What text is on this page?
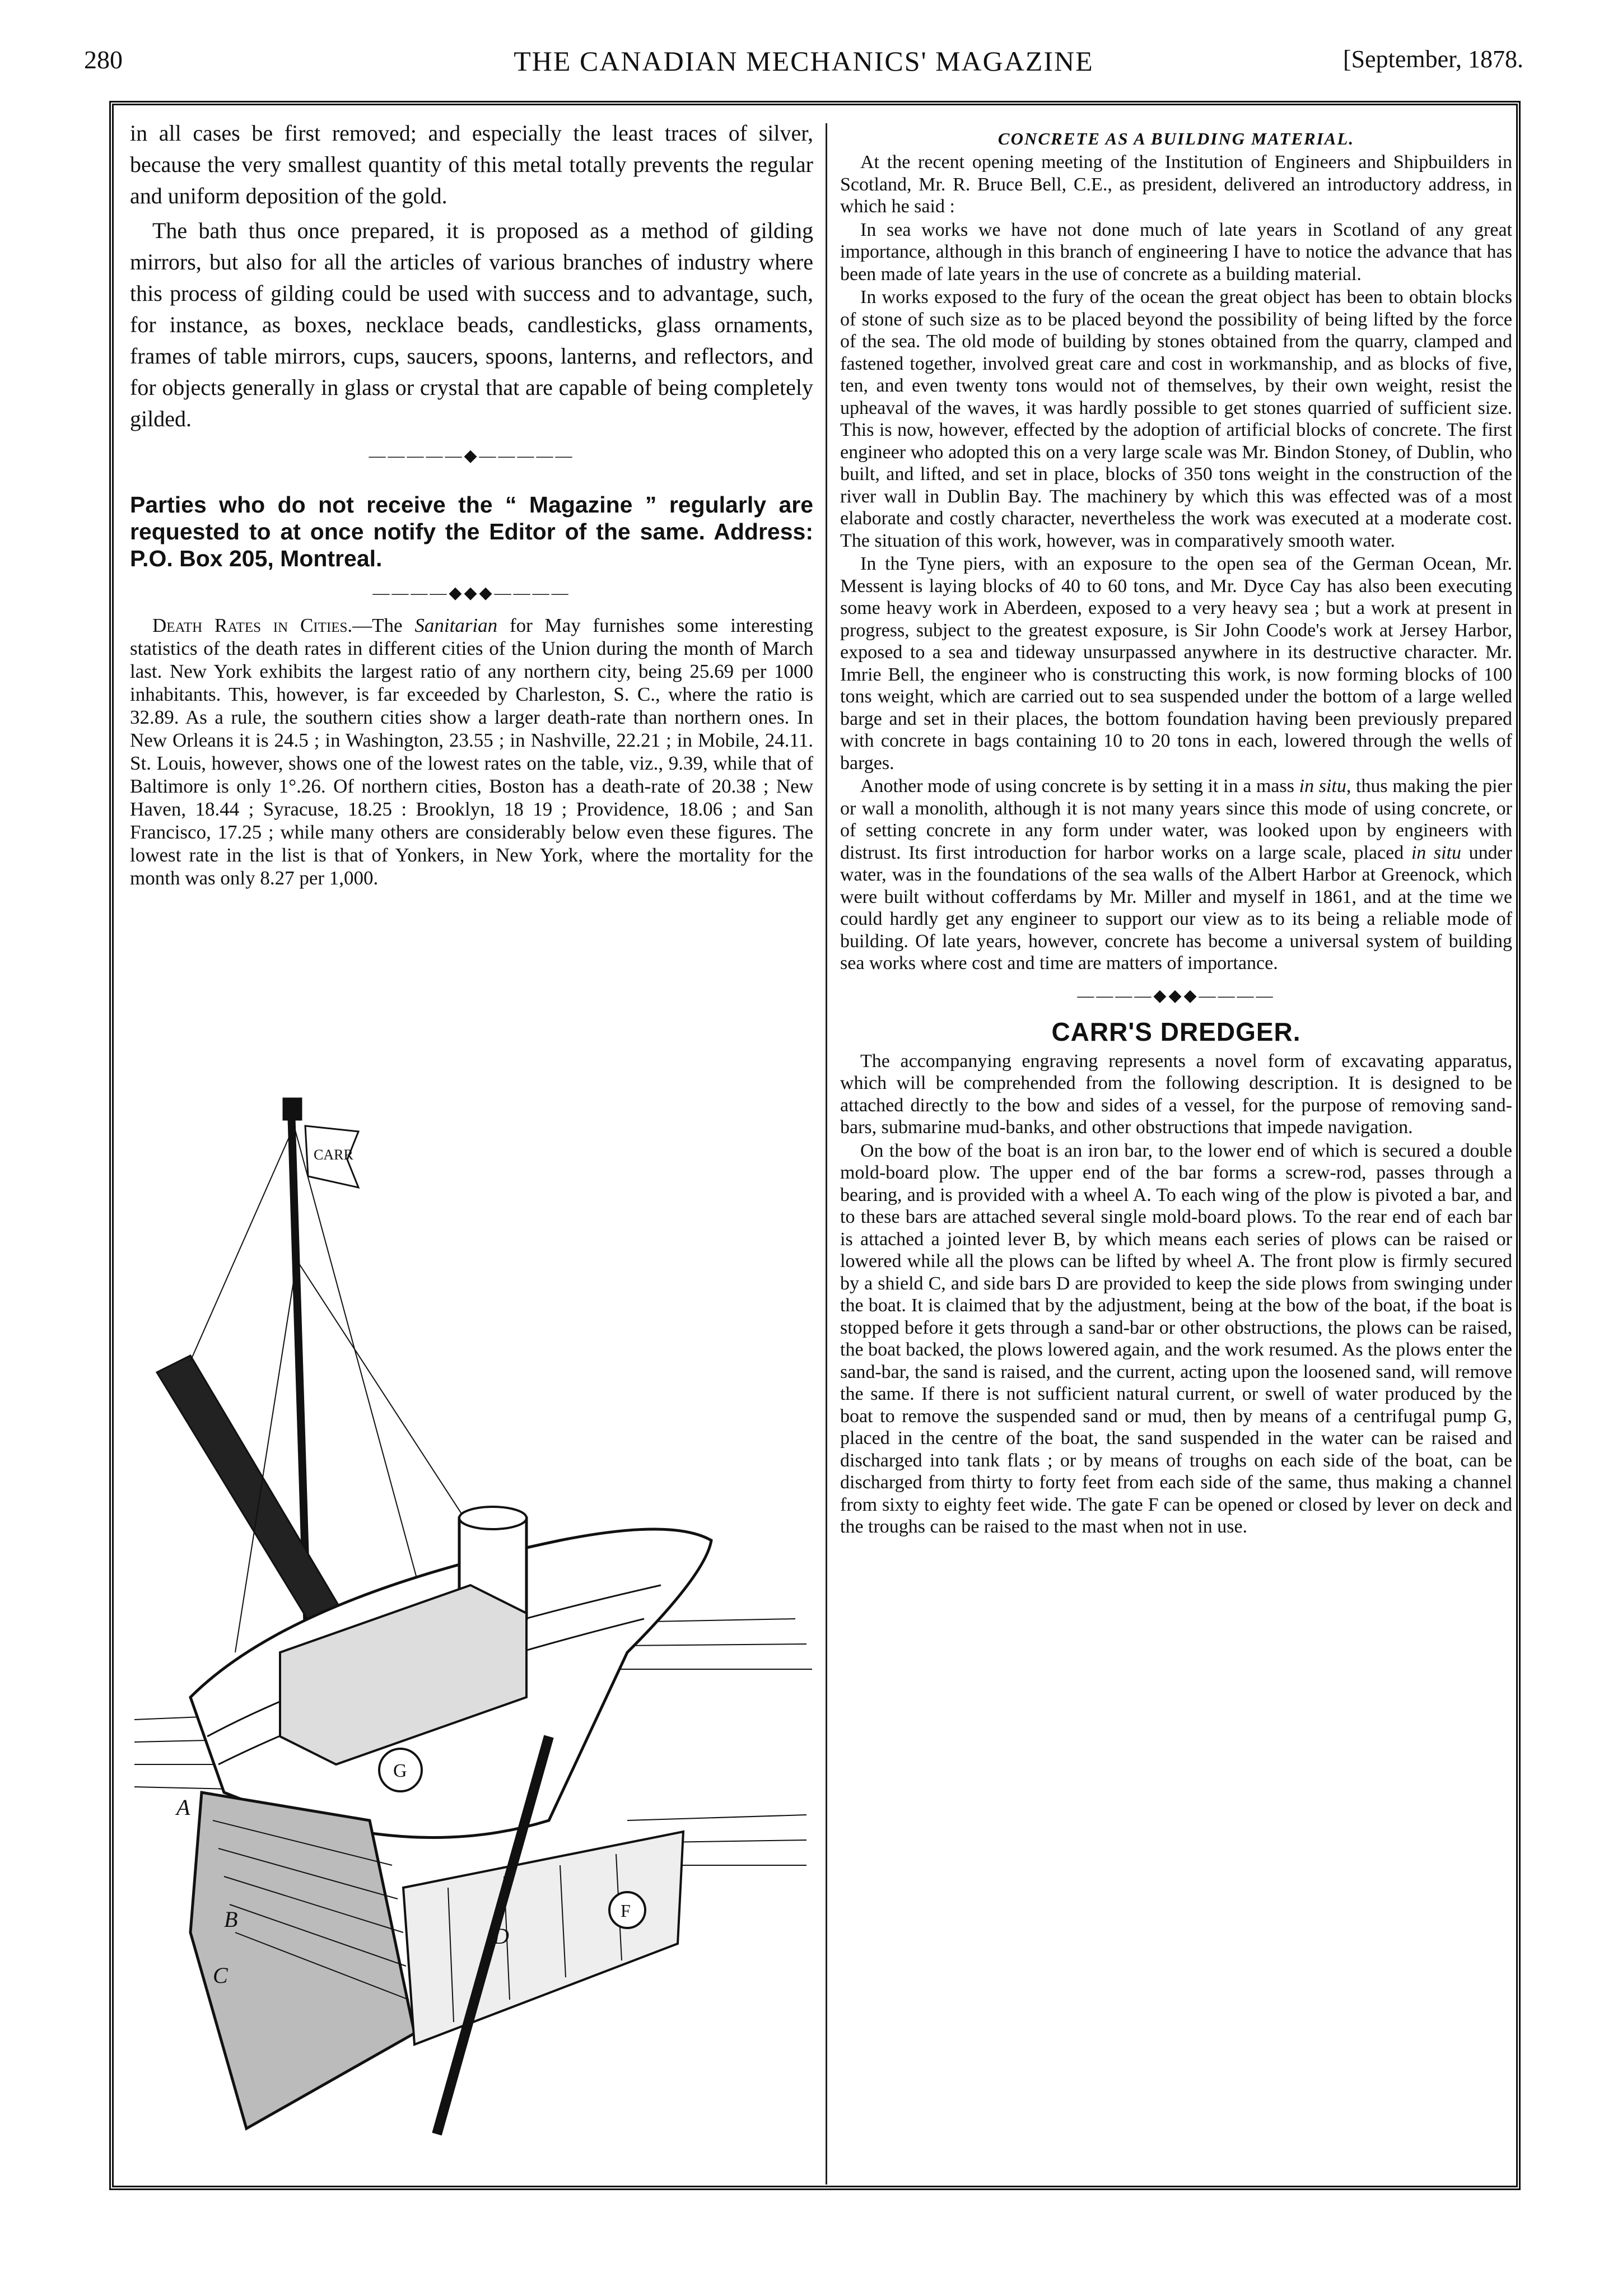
280	THE CANADIAN MECHANICS' MAGAZINE	[September, 1878.

in all cases be first removed; and especially the least traces of silver, because the very smallest quantity of this metal totally prevents the regular and uniform deposition of the gold.

The bath thus once prepared, it is proposed as a method of gilding mirrors, but also for all the articles of various branches of industry where this process of gilding could be used with success and to advantage, such, for instance, as boxes, necklace beads, candlesticks, glass ornaments, frames of table mirrors, cups, saucers, spoons, lanterns, and reflectors, and for objects generally in glass or crystal that are capable of being completely gilded.

—————◆—————
Parties who do not receive the “ Magazine ” regularly are requested to at once notify the Editor of the same. Address: P.O. Box 205, Montreal.
————◆◆◆————

Death Rates in Cities.—The Sanitarian for May furnishes some interesting statistics of the death rates in different cities of the Union during the month of March last. New York exhibits the largest ratio of any northern city, being 25.69 per 1000 inhabitants. This, however, is far exceeded by Charleston, S. C., where the ratio is 32.89. As a rule, the southern cities show a larger death-rate than northern ones. In New Orleans it is 24.5 ; in Washington, 23.55 ; in Nashville, 22.21 ; in Mobile, 24.11. St. Louis, however, shows one of the lowest rates on the table, viz., 9.39, while that of Baltimore is only 1°.26. Of northern cities, Boston has a death-rate of 20.38 ; New Haven, 18.44 ; Syracuse, 18.25 : Brooklyn, 18 19 ; Providence, 18.06 ; and San Francisco, 17.25 ; while many others are considerably below even these figures. The lowest rate in the list is that of Yonkers, in New York, where the mortality for the month was only 8.27 per 1,000.

CARR
G
F
A
B
C
D
CONCRETE AS A BUILDING MATERIAL.

At the recent opening meeting of the Institution of Engineers and Shipbuilders in Scotland, Mr. R. Bruce Bell, C.E., as president, delivered an introductory address, in which he said :

In sea works we have not done much of late years in Scotland of any great importance, although in this branch of engineering I have to notice the advance that has been made of late years in the use of concrete as a building material.

In works exposed to the fury of the ocean the great object has been to obtain blocks of stone of such size as to be placed beyond the possibility of being lifted by the force of the sea. The old mode of building by stones obtained from the quarry, clamped and fastened together, involved great care and cost in workmanship, and as blocks of five, ten, and even twenty tons would not of themselves, by their own weight, resist the upheaval of the waves, it was hardly possible to get stones quarried of sufficient size. This is now, however, effected by the adoption of artificial blocks of concrete. The first engineer who adopted this on a very large scale was Mr. Bindon Stoney, of Dublin, who built, and lifted, and set in place, blocks of 350 tons weight in the construction of the river wall in Dublin Bay. The machinery by which this was effected was of a most elaborate and costly character, nevertheless the work was executed at a moderate cost. The situation of this work, however, was in comparatively smooth water.

In the Tyne piers, with an exposure to the open sea of the German Ocean, Mr. Messent is laying blocks of 40 to 60 tons, and Mr. Dyce Cay has also been executing some heavy work in Aberdeen, exposed to a very heavy sea ; but a work at present in progress, subject to the greatest exposure, is Sir John Coode's work at Jersey Harbor, exposed to a sea and tideway unsurpassed anywhere in its destructive character. Mr. Imrie Bell, the engineer who is constructing this work, is now forming blocks of 100 tons weight, which are carried out to sea suspended under the bottom of a large welled barge and set in their places, the bottom foundation having been previously prepared with concrete in bags containing 10 to 20 tons in each, lowered through the wells of barges.

Another mode of using concrete is by setting it in a mass in situ, thus making the pier or wall a monolith, although it is not many years since this mode of using concrete, or of setting concrete in any form under water, was looked upon by engineers with distrust. Its first introduction for harbor works on a large scale, placed in situ under water, was in the foundations of the sea walls of the Albert Harbor at Greenock, which were built without cofferdams by Mr. Miller and myself in 1861, and at the time we could hardly get any engineer to support our view as to its being a reliable mode of building. Of late years, however, concrete has become a universal system of building sea works where cost and time are matters of importance.

————◆◆◆————
CARR'S DREDGER.

The accompanying engraving represents a novel form of excavating apparatus, which will be comprehended from the following description. It is designed to be attached directly to the bow and sides of a vessel, for the purpose of removing sand-bars, submarine mud-banks, and other obstructions that impede navigation.

On the bow of the boat is an iron bar, to the lower end of which is secured a double mold-board plow. The upper end of the bar forms a screw-rod, passes through a bearing, and is provided with a wheel A. To each wing of the plow is pivoted a bar, and to these bars are attached several single mold-board plows. To the rear end of each bar is attached a jointed lever B, by which means each series of plows can be raised or lowered while all the plows can be lifted by wheel A. The front plow is firmly secured by a shield C, and side bars D are provided to keep the side plows from swinging under the boat. It is claimed that by the adjustment, being at the bow of the boat, if the boat is stopped before it gets through a sand-bar or other obstructions, the plows can be raised, the boat backed, the plows lowered again, and the work resumed. As the plows enter the sand-bar, the sand is raised, and the current, acting upon the loosened sand, will remove the same. If there is not sufficient natural current, or swell of water produced by the boat to remove the suspended sand or mud, then by means of a centrifugal pump G, placed in the centre of the boat, the sand suspended in the water can be raised and discharged into tank flats ; or by means of troughs on each side of the boat, can be discharged from thirty to forty feet from each side of the same, thus making a channel from sixty to eighty feet wide. The gate F can be opened or closed by lever on deck and the troughs can be raised to the mast when not in use.
